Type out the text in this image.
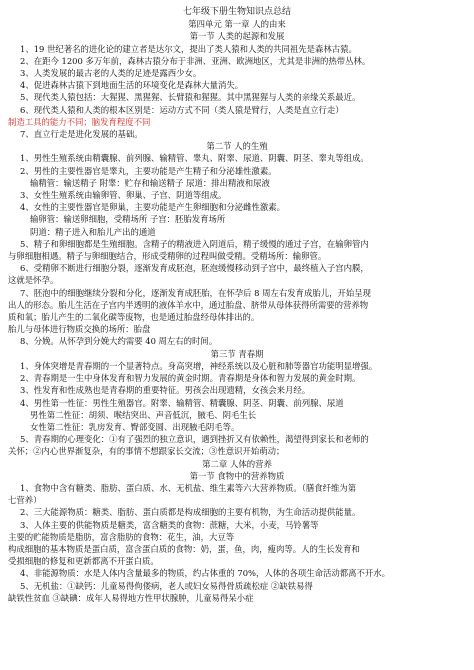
七年级下册生物知识点总结
第四单元 第一章 人的由来
第一节 人类的起源和发展
1、19 世纪著名的进化论的建立者是达尔文，提出了类人猿和人类的共同祖先是森林古猿。
2、在距今 1200 多万年前，森林古猿分布于非洲、亚洲、欧洲地区，尤其是非洲的热带丛林。
3、人类发展的最古老的人类的足迹是露西少女。
4、促进森林古猿下到地面生活的环境变化是森林大量消失。
5、现代类人猿包括：大猩猩、黑猩猩、长臂猿和猩猩。其中黑猩猩与人类的亲缘关系最近。
6、现代类人猿和人类的根本区别是：运动方式不同（类人猿是臂行，人类是直立行走）
制造工具的能力不同；脑发育程度不同
7、直立行走是进化发展的基础。
第二节 人的生殖
1、男性生殖系统由精囊腺、前列腺、输精管、睾丸、附睾、尿道、阴囊、阴茎、睾丸等组成。
2、男性的主要性器官是睾丸，主要功能是产生精子和分泌雄性激素。
输精管：输送精子 附睾：贮存和输送精子 尿道：排出精液和尿液
3、女性生殖系统由输卵管、卵巢、子宫、阴道等组成。
4、女性的主要性器官是卵巢，主要功能是产生卵细胞和分泌雌性激素。
输卵管：输送卵细胞，受精场所 子宫：胚胎发育场所
阴道：精子进入和胎儿产出的通道
5、精子和卵细胞都是生殖细胞。含精子的精液进入阴道后，精子缓慢的通过子宫，在输卵管内
与卵细胞相遇。精子与卵细胞结合，形成受精卵的过程叫做受精。受精场所：输卵管。
6、受精卵不断进行细胞分裂，逐渐发育成胚泡，胚泡缓慢移动到子宫中，最终植入子宫内膜，
这就是怀孕。
7、胚泡中的细胞继续分裂和分化，逐渐发育成胚胎，在怀孕后 8 周左右发育成胎儿，开始呈现
出人的形态。胎儿生活在子宫内半透明的液体羊水中，通过胎盘、脐带从母体获得所需要的营养物
质和氧；胎儿产生的二氧化碳等废物，也是通过胎盘经母体排出的。
胎儿与母体进行物质交换的场所：胎盘
8、分娩。从怀孕到分娩大约需要 40 周左右的时间。
第三节 青春期
1、身体突增是青春期的一个显著特点。身高突增，神经系统以及心脏和肺等器官功能明显增强。
2、青春期是一生中身体发育和智力发展的黄金时期。青春期是身体和智力发展的黄金时期。
3、性发育和性成熟也是青春期的重要特征。男孩会出现遗精，女孩会来月经。
4、男性第一性征：男性生殖器官。附睾、输精管、精囊腺、阴茎、阴囊、前列腺、尿道
男性第二性征：胡须、喉结突出、声音低沉，腋毛、阴毛生长
女性第二性征：乳房发育、臀部变圆、出现腋毛阴毛等。
5、青春期的心理变化：①有了强烈的独立意识，遇到挫折又有依赖性，渴望得到家长和老师的
关怀；②内心世界渐复杂，有的事情不想跟家长交流；③性意识开始萌动；
第二章 人体的营养
第一节 食物中的营养物质
1、食物中含有糖类、脂肪、蛋白质、水、无机盐、维生素等六大营养物质。（膳食纤维为第
七营养）
2、三大能源物质：糖类、脂肪、蛋白质都是构成细胞的主要有机物，为生命活动提供能量。
3、人体主要的供能物质是糖类，富含糖类的食物：蔗糖，大米，小麦，马铃薯等
主要的贮能物质是脂肪，富含脂肪的食物：花生，油，大豆等
构成细胞的基本物质是蛋白质，富含蛋白质的食物：奶，蛋，鱼，肉，瘦肉等。人的生长发育和
受损细胞的修复和更新都离不开蛋白质。
4、非能源物质：水是人体内含量最多的物质，约占体重的 70%，人体的各项生命活动都离不开水。
5、无机盐：①缺钙：儿童易得佝偻病，老人或妇女易得骨质疏松症 ②缺铁易得
缺铁性贫血 ③缺碘：成年人易得地方性甲状腺肿，儿童易得呆小症
